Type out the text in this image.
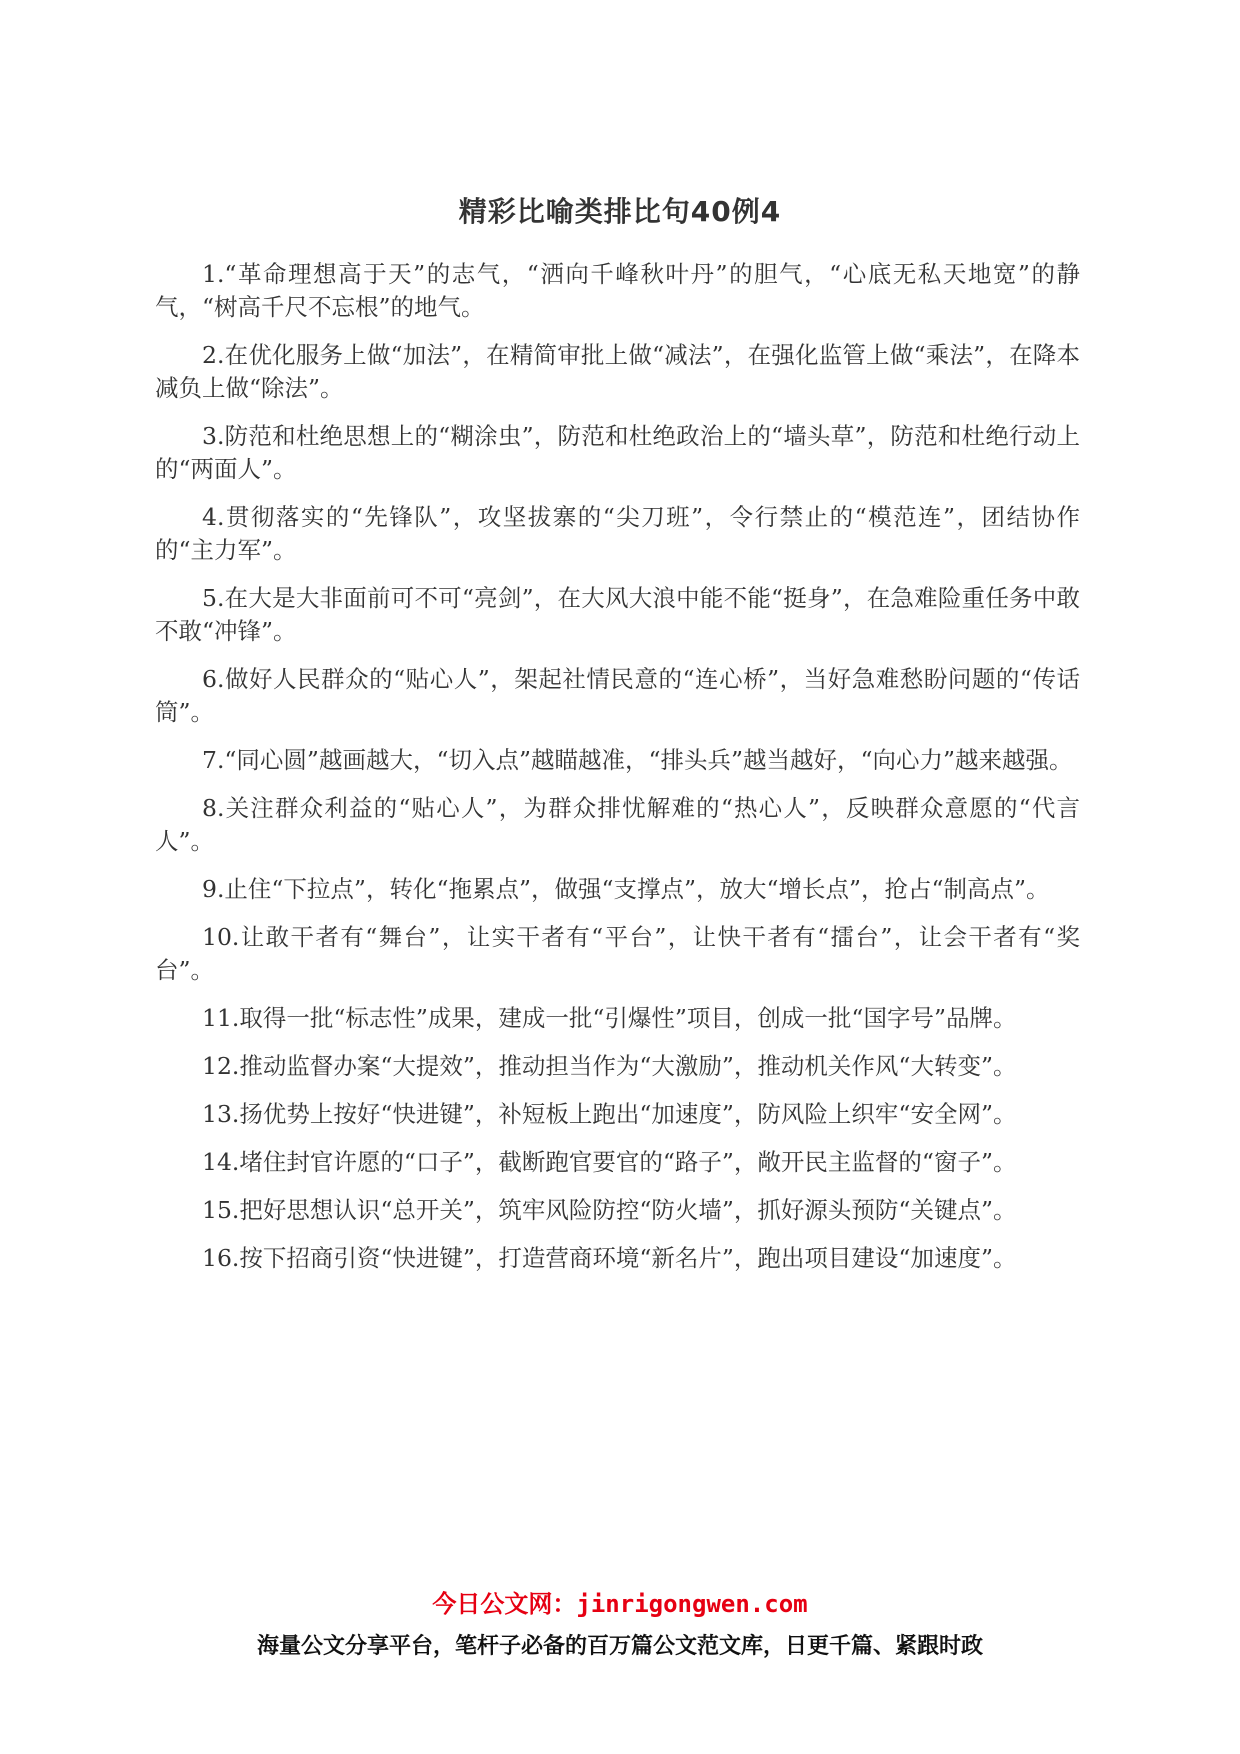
精彩比喻类排比句40例4

1.“革命理想高于天”的志气，“洒向千峰秋叶丹”的胆气，“心底无私天地宽”的静气，“树高千尺不忘根”的地气。

2.在优化服务上做“加法”，在精简审批上做“减法”，在强化监管上做“乘法”，在降本减负上做“除法”。

3.防范和杜绝思想上的“糊涂虫”，防范和杜绝政治上的“墙头草”，防范和杜绝行动上的“两面人”。

4.贯彻落实的“先锋队”，攻坚拔寨的“尖刀班”，令行禁止的“模范连”，团结协作的“主力军”。

5.在大是大非面前可不可“亮剑”，在大风大浪中能不能“挺身”，在急难险重任务中敢不敢“冲锋”。

6.做好人民群众的“贴心人”，架起社情民意的“连心桥”，当好急难愁盼问题的“传话筒”。

7.“同心圆”越画越大，“切入点”越瞄越准，“排头兵”越当越好，“向心力”越来越强。

8.关注群众利益的“贴心人”，为群众排忧解难的“热心人”，反映群众意愿的“代言人”。

9.止住“下拉点”，转化“拖累点”，做强“支撑点”，放大“增长点”，抢占“制高点”。

10.让敢干者有“舞台”，让实干者有“平台”，让快干者有“擂台”，让会干者有“奖台”。

11.取得一批“标志性”成果，建成一批“引爆性”项目，创成一批“国字号”品牌。

12.推动监督办案“大提效”，推动担当作为“大激励”，推动机关作风“大转变”。

13.扬优势上按好“快进键”，补短板上跑出“加速度”，防风险上织牢“安全网”。

14.堵住封官许愿的“口子”，截断跑官要官的“路子”，敞开民主监督的“窗子”。

15.把好思想认识“总开关”，筑牢风险防控“防火墙”，抓好源头预防“关键点”。

16.按下招商引资“快进键”，打造营商环境“新名片”，跑出项目建设“加速度”。

今日公文网：jinrigongwen.com
海量公文分享平台，笔杆子必备的百万篇公文范文库，日更千篇、紧跟时政
